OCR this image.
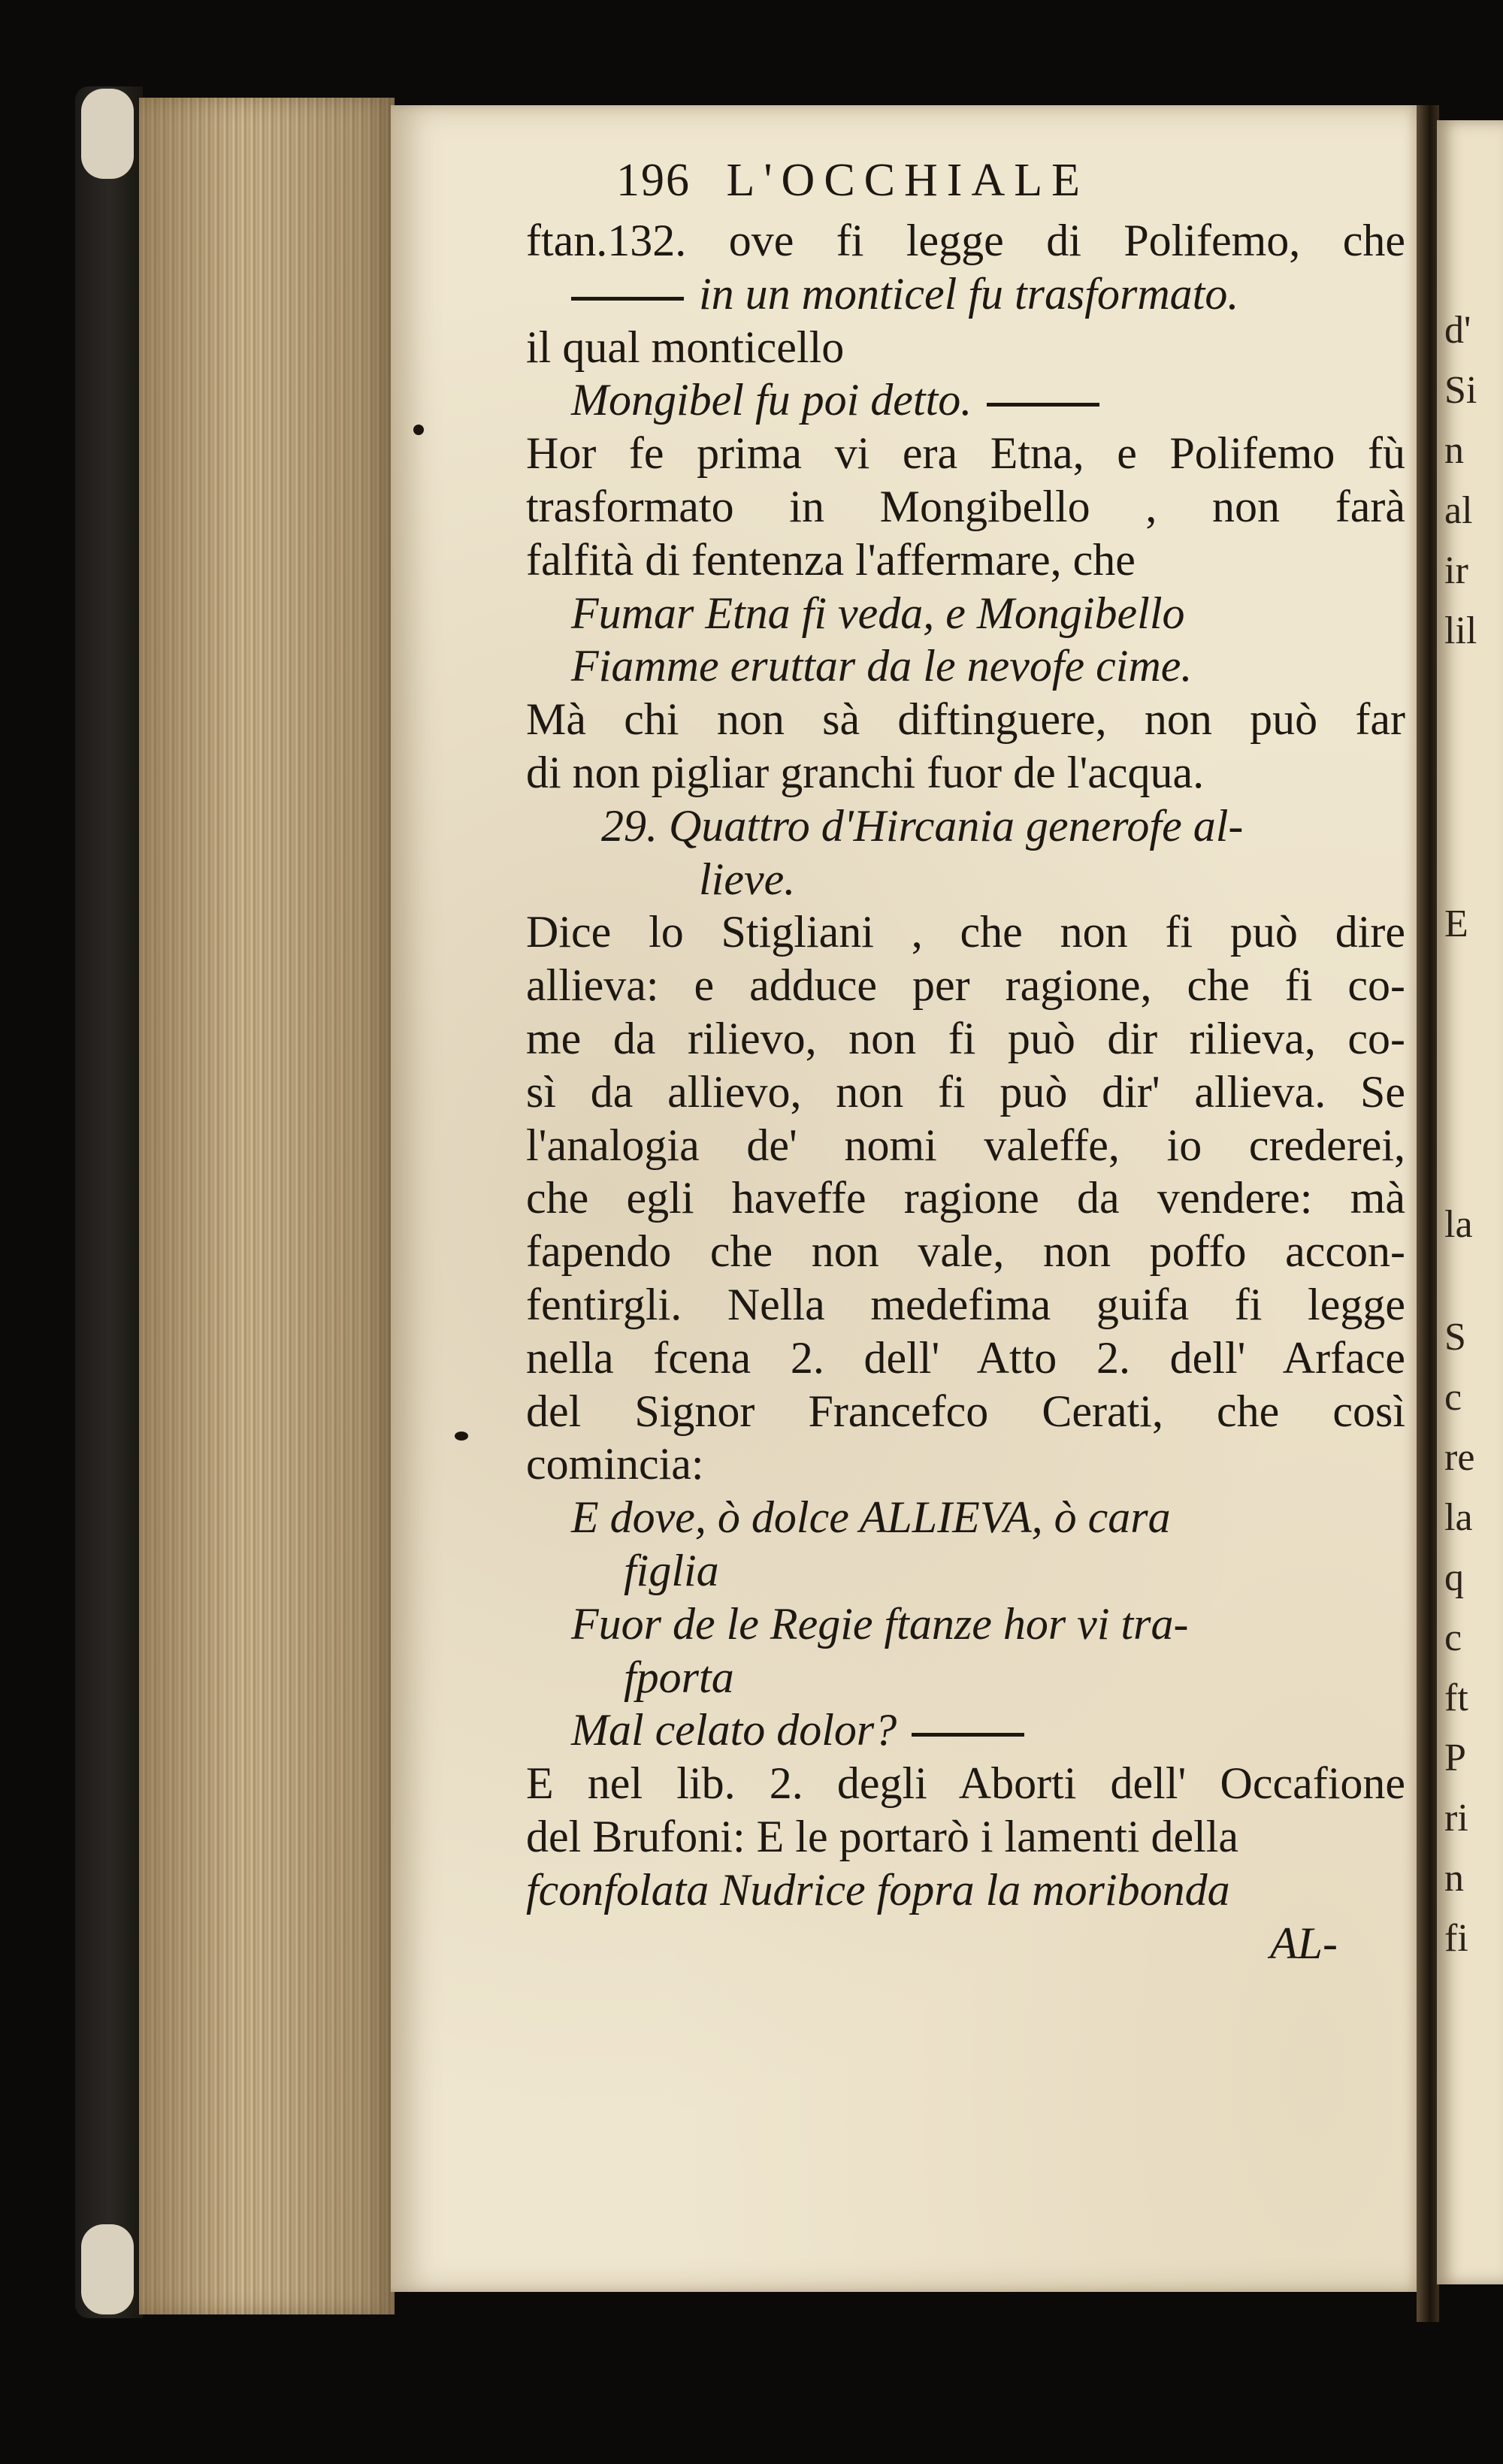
d'
Si
n
al
ir
lil
E
la
S
c
re
la
q
c
ft
P
ri
n
fi
196 L'OCCHIALE
ftan.132. ove fi legge di Polifemo, che
in un monticel fu trasformato.
il qual monticello
Mongibel fu poi detto.
Hor fe prima vi era Etna, e Polifemo fù
trasformato in Mongibello , non farà
falfità di fentenza l'affermare, che
Fumar Etna fi veda, e Mongibello
Fiamme eruttar da le nevofe cime.
Mà chi non sà diftinguere, non può far
di non pigliar granchi fuor de l'acqua.
29. Quattro d'Hircania generofe al-
lieve.
Dice lo Stigliani , che non fi può dire
allieva: e adduce per ragione, che fi co-
me da rilievo, non fi può dir rilieva, co-
sì da allievo, non fi può dir' allieva. Se
l'analogia de' nomi valeffe, io crederei,
che egli haveffe ragione da vendere: mà
fapendo che non vale, non poffo accon-
fentirgli. Nella medefima guifa fi legge
nella fcena 2. dell' Atto 2. dell' Arface
del Signor Francefco Cerati, che così
comincia:
E dove, ò dolce ALLIEVA, ò cara
figlia
Fuor de le Regie ftanze hor vi tra-
fporta
Mal celato dolor?
E nel lib. 2. degli Aborti dell' Occafione
del Brufoni: E le portarò i lamenti della
fconfolata Nudrice fopra la moribonda
AL-
